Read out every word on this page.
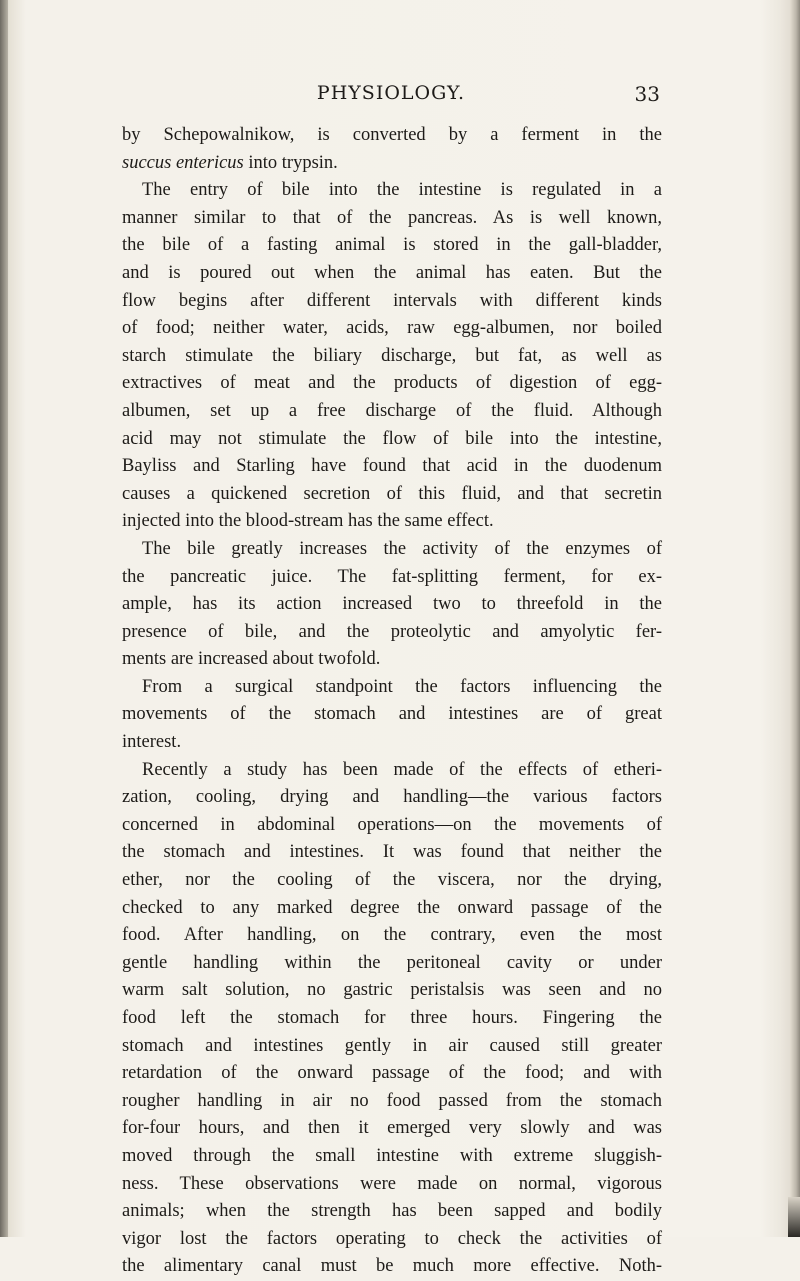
PHYSIOLOGY.	33
by Schepowalnikow, is converted by a ferment in the
succus entericus into trypsin.
The entry of bile into the intestine is regulated in a
manner similar to that of the pancreas. As is well known,
the bile of a fasting animal is stored in the gall-bladder,
and is poured out when the animal has eaten. But the
flow begins after different intervals with different kinds
of food; neither water, acids, raw egg-albumen, nor boiled
starch stimulate the biliary discharge, but fat, as well as
extractives of meat and the products of digestion of egg-
albumen, set up a free discharge of the fluid. Although
acid may not stimulate the flow of bile into the intestine,
Bayliss and Starling have found that acid in the duodenum
causes a quickened secretion of this fluid, and that secretin
injected into the blood-stream has the same effect.
The bile greatly increases the activity of the enzymes of
the pancreatic juice. The fat-splitting ferment, for ex-
ample, has its action increased two to threefold in the
presence of bile, and the proteolytic and amyolytic fer-
ments are increased about twofold.
From a surgical standpoint the factors influencing the
movements of the stomach and intestines are of great
interest.
Recently a study has been made of the effects of etheri-
zation, cooling, drying and handling—the various factors
concerned in abdominal operations—on the movements of
the stomach and intestines. It was found that neither the
ether, nor the cooling of the viscera, nor the drying,
checked to any marked degree the onward passage of the
food. After handling, on the contrary, even the most
gentle handling within the peritoneal cavity or under
warm salt solution, no gastric peristalsis was seen and no
food left the stomach for three hours. Fingering the
stomach and intestines gently in air caused still greater
retardation of the onward passage of the food; and with
rougher handling in air no food passed from the stomach
for-four hours, and then it emerged very slowly and was
moved through the small intestine with extreme sluggish-
ness. These observations were made on normal, vigorous
animals; when the strength has been sapped and bodily
vigor lost the factors operating to check the activities of
the alimentary canal must be much more effective. Noth-
